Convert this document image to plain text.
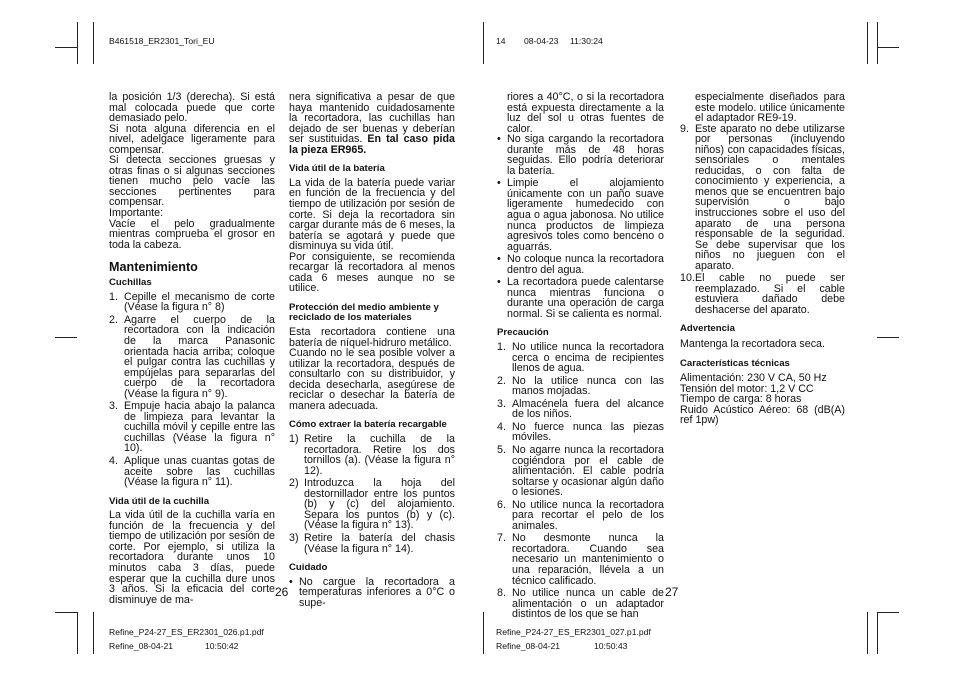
B461518_ER2301_Tori_EU	14 08-04-23 11:30:24

la posición 1/3 (derecha). Si está mal colocada puede que corte demasiado pelo.

Si nota alguna diferencia en el nivel, adelgace ligeramente para compensar.

Si detecta secciones gruesas y otras finas o si algunas secciones tienen mucho pelo vacíe las secciones pertinentes para compensar.

Importante:

Vacíe el pelo gradualmente mientras comprueba el grosor en toda la cabeza.

Mantenimiento
Cuchillas
1. Cepille el mecanismo de corte (Véase la figura n° 8)
2. Agarre el cuerpo de la recortadora con la indicación de la marca Panasonic orientada hacia arriba; coloque el pulgar contra las cuchillas y empújelas para separarlas del cuerpo de la recortadora (Véase la figura n° 9).
3. Empuje hacia abajo la palanca de limpieza para levantar la cuchilla móvil y cepille entre las cuchillas (Véase la figura n° 10).
4. Aplique unas cuantas gotas de aceite sobre las cuchillas (Véase la figura n° 11).
Vida útil de la cuchilla

La vida útil de la cuchilla varía en función de la frecuencia y del tiempo de utilización por sesión de corte. Por ejemplo, si utiliza la recortadora durante unos 10 minutos caba 3 días, puede esperar que la cuchilla dure unos 3 años. Si la eficacia del corte disminuye de ma-

nera significativa a pesar de que haya mantenido cuidadosamente la recortadora, las cuchillas han dejado de ser buenas y deberían ser sustituidas. En tal caso pida la pieza ER965.

Vida útil de la batería

La vida de la batería puede variar en función de la frecuencia y del tiempo de utilización por sesión de corte. Si deja la recortadora sin cargar durante más de 6 meses, la batería se agotará y puede que disminuya su vida útil.

Por consiguiente, se recomienda recargar la recortadora al menos cada 6 meses aunque no se utilice.

Protección del medio ambiente y reciclado de los materiales

Esta recortadora contiene una batería de níquel-hidruro metálico.

Cuando no le sea posible volver a utilizar la recortadora, después de consultarlo con su distribuidor, y decida desecharla, asegúrese de reciclar o desechar la batería de manera adecuada.

Cómo extraer la batería recargable
1) Retire la cuchilla de la recortadora. Retire los dos tornillos (a). (Véase la figura n° 12).
2) Introduzca la hoja del destornillador entre los puntos (b) y (c) del alojamiento. Separa los puntos (b) y (c). (Véase la figura n° 13).
3) Retire la batería del chasis (Véase la figura n° 14).
Cuidado
• No cargue la recortadora a temperaturas inferiores a 0°C o supe-

riores a 40°C, o si la recortadora está expuesta directamente a la luz del sol u otras fuentes de calor.

• No siga cargando la recortadora durante más de 48 horas seguidas. Ello podría deteriorar la batería.
• Limpie el alojamiento únicamente con un paño suave ligeramente humedecido con agua o agua jabonosa. No utilice nunca productos de limpieza agresivos toles como benceno o aguarrás.
• No coloque nunca la recortadora dentro del agua.
• La recortadora puede calentarse nunca mientras funciona o durante una operación de carga normal. Si se calienta es normal.
Precaución
1. No utilice nunca la recortadora cerca o encima de recipientes llenos de agua.
2. No la utilice nunca con las manos mojadas.
3. Almacénela fuera del alcance de los niños.
4. No fuerce nunca las piezas móviles.
5. No agarre nunca la recortadora cogiéndora por el cable de alimentación. El cable podría soltarse y ocasionar algún daño o lesiones.
6. No utilice nunca la recortadora para recortar el pelo de los animales.
7. No desmonte nunca la recortadora. Cuando sea necesario un mantenimiento o una reparación, llévela a un técnico calificado.
8. No utilice nunca un cable de alimentación o un adaptador distintos de los que se han

especialmente diseñados para este modelo. utilice únicamente el adaptador RE9-19.

9. Este aparato no debe utilizarse por personas (incluyendo niños) con capacidades físicas, sensoriales o mentales reducidas, o con falta de conocimiento y experiencia, a menos que se encuentren bajo supervisión o bajo instrucciones sobre el uso del aparato de una persona responsable de la seguridad. Se debe supervisar que los niños no jueguen con el aparato.
10. El cable no puede ser reemplazado. Si el cable estuviera dañado debe deshacerse del aparato.
Advertencia

Mantenga la recortadora seca.

Características técnicas

Alimentación: 230 V CA, 50 Hz

Tensión del motor: 1,2 V CC

Tiempo de carga: 8 horas

Ruido Acústico Aéreo: 68 (dB(A) ref 1pw)

26	27
Refine_P24-27_ES_ER2301_026.p1.pdf
Refine_08-04-21	10:50:42
Refine_P24-27_ES_ER2301_027.p1.pdf
Refine_08-04-21	10:50:43
